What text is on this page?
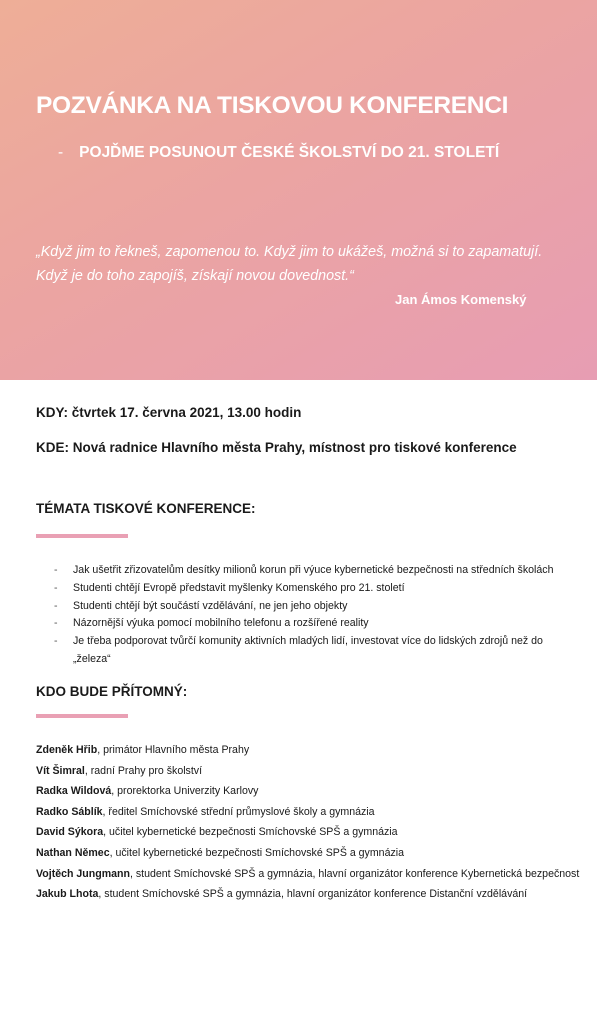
POZVÁNKA NA TISKOVOU KONFERENCI

- POJĎME POSUNOUT ČESKÉ ŠKOLSTVÍ DO 21. STOLETÍ

„Když jim to řekneš, zapomenou to. Když jim to ukážeš, možná si to zapamatují.
Když je do toho zapojíš, získají novou dovednost.“
Jan Ámos Komenský
KDY: čtvrtek 17. června 2021, 13.00 hodin
KDE: Nová radnice Hlavního města Prahy, místnost pro tiskové konference
TÉMATA TISKOVÉ KONFERENCE:
- Jak ušetřit zřizovatelům desítky milionů korun při výuce kybernetické bezpečnosti na středních školách
- Studenti chtějí Evropě představit myšlenky Komenského pro 21. století
- Studenti chtějí být součástí vzdělávání, ne jen jeho objekty
- Názornější výuka pomocí mobilního telefonu a rozšířené reality
- Je třeba podporovat tvůrčí komunity aktivních mladých lidí, investovat více do lidských zdrojů než do „železa“
KDO BUDE PŘÍTOMNÝ:
Zdeněk Hřib, primátor Hlavního města Prahy
Vít Šimral, radní Prahy pro školství
Radka Wildová, prorektorka Univerzity Karlovy
Radko Sáblík, ředitel Smíchovské střední průmyslové školy a gymnázia
David Sýkora, učitel kybernetické bezpečnosti Smíchovské SPŠ a gymnázia
Nathan Němec, učitel kybernetické bezpečnosti Smíchovské SPŠ a gymnázia
Vojtěch Jungmann, student Smíchovské SPŠ a gymnázia, hlavní organizátor konference Kybernetická bezpečnost
Jakub Lhota, student Smíchovské SPŠ a gymnázia, hlavní organizátor konference Distanční vzdělávání
